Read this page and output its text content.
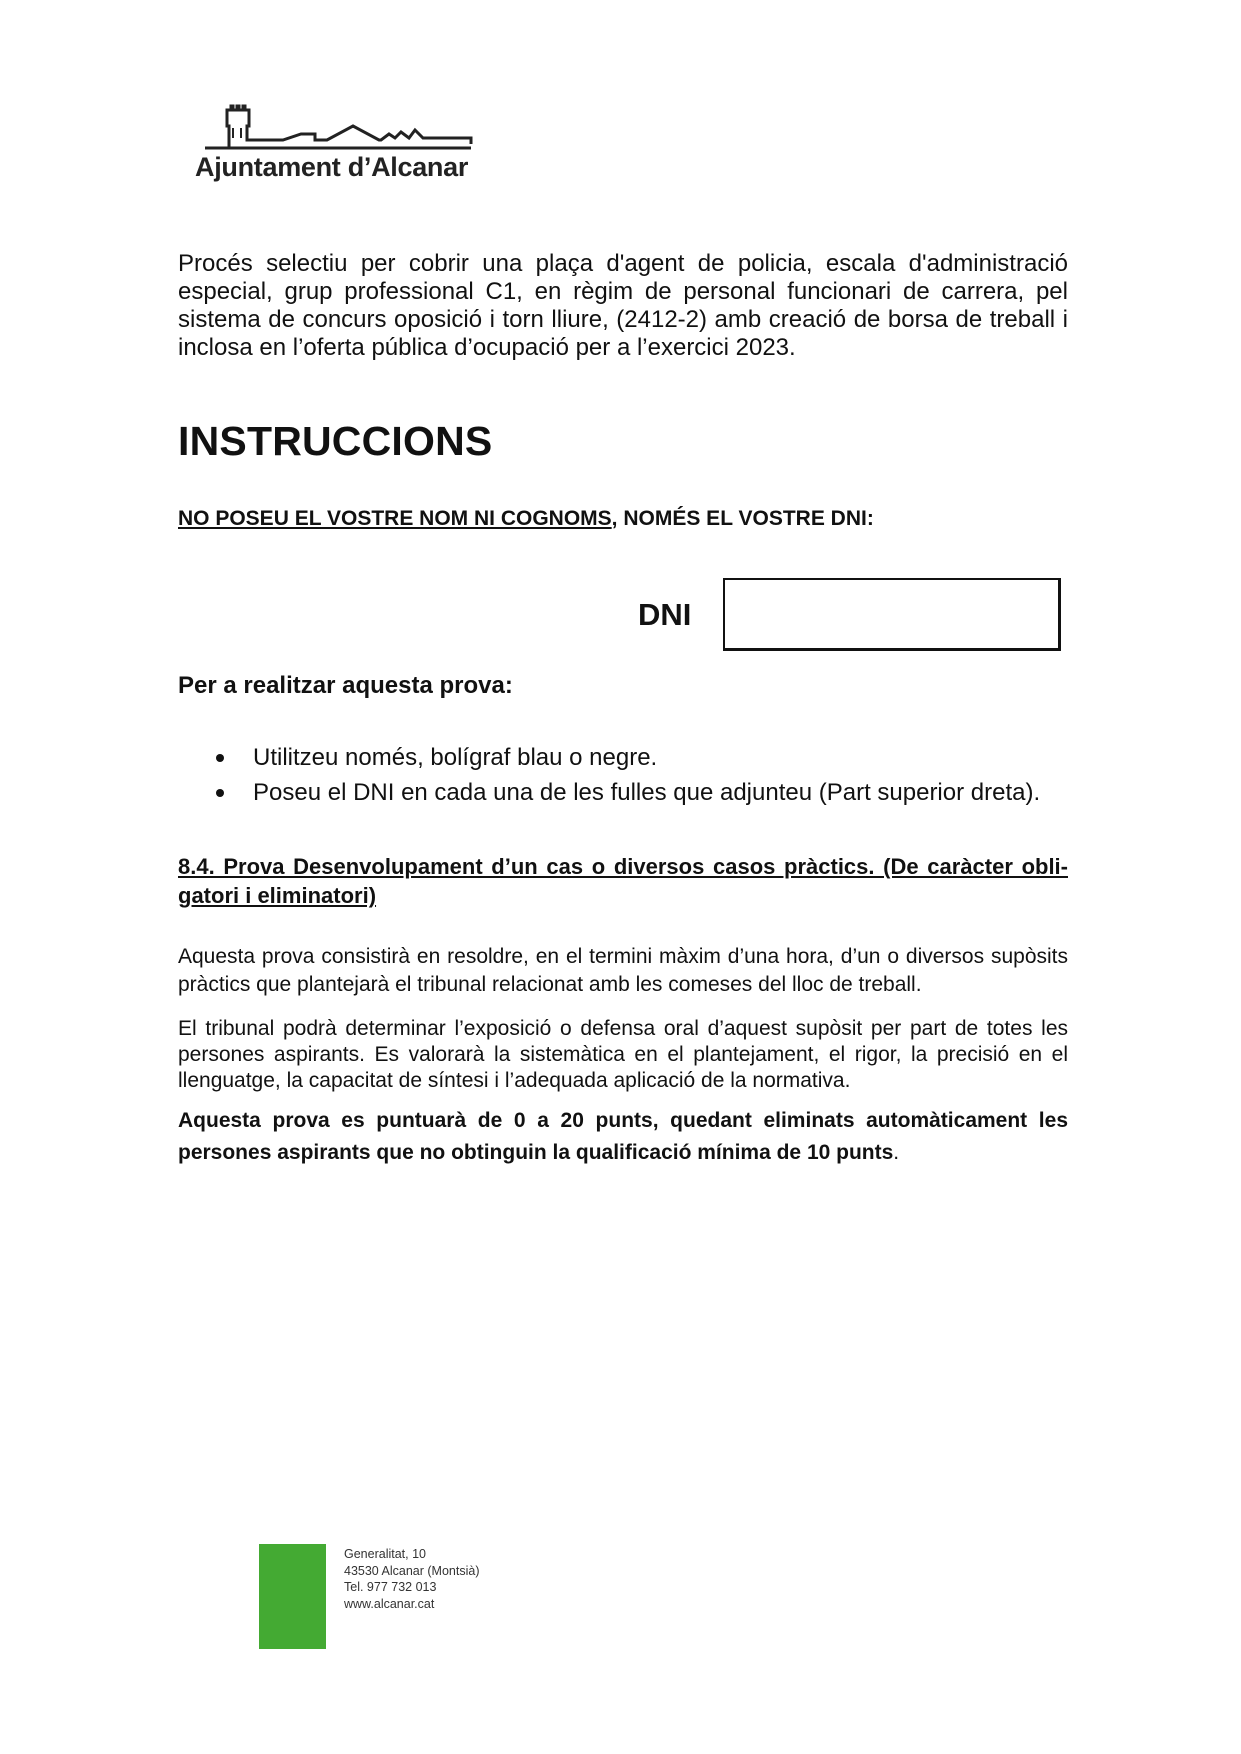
Ajuntament d’Alcanar
Procés selectiu per cobrir una plaça d'agent de policia, escala d'administració especial, grup professional C1, en règim de personal funcionari de carrera, pel sistema de concurs oposició i torn lliure, (2412-2) amb creació de borsa de treball i inclosa en l’oferta pública d’ocupació per a l’exercici 2023.
INSTRUCCIONS
NO POSEU EL VOSTRE NOM NI COGNOMS, NOMÉS EL VOSTRE DNI:
DNI
Per a realitzar aquesta prova:
Utilitzeu només, bolígraf blau o negre.
Poseu el DNI en cada una de les fulles que adjunteu (Part superior dreta).
8.4. Prova Desenvolupament d’un cas o diversos casos pràctics. (De caràcter obli-gatori i eliminatori)

Aquesta prova consistirà en resoldre, en el termini màxim d’una hora, d’un o diversos supòsits pràctics que plantejarà el tribunal relacionat amb les comeses del lloc de treball.

El tribunal podrà determinar l’exposició o defensa oral d’aquest supòsit per part de totes les persones aspirants. Es valorarà la sistemàtica en el plantejament, el rigor, la precisió en el llenguatge, la capacitat de síntesi i l’adequada aplicació de la normativa.

Aquesta prova es puntuarà de 0 a 20 punts, quedant eliminats automàticament les persones aspirants que no obtinguin la qualificació mínima de 10 punts.

Generalitat, 10
43530 Alcanar (Montsià)
Tel. 977 732 013
www.alcanar.cat
